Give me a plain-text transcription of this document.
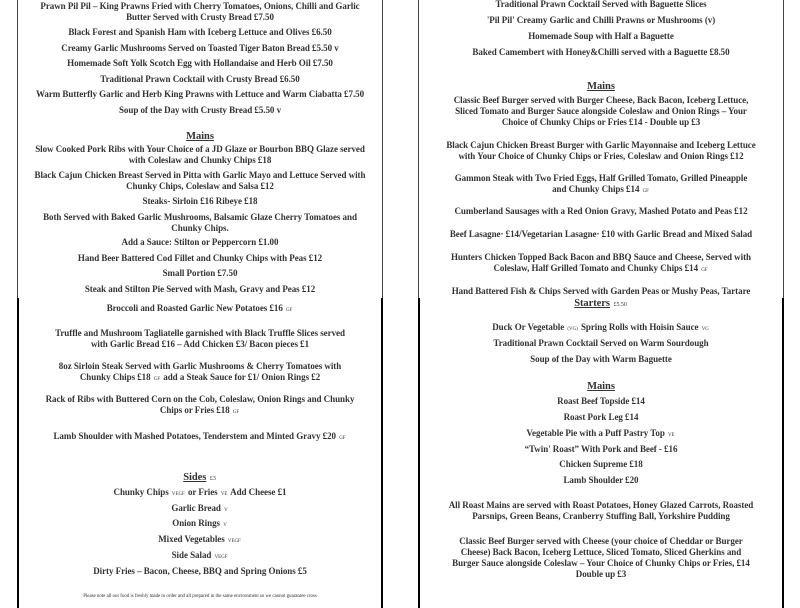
Prawn Pil Pil – King Prawns Fried with Cherry Tomatoes, Onions, Chilli and Garlic
Butter Served with Crusty Bread £7.50
Black Forest and Spanish Ham with Iceberg Lettuce and Olives £6.50
Creamy Garlic Mushrooms Served on Toasted Tiger Baton Bread £5.50 v
Homemade Soft Yolk Scotch Egg with Hollandaise and Herb Oil £7.50
Traditional Prawn Cocktail with Crusty Bread £6.50
Warm Butterfly Garlic and Herb King Prawns with Lettuce and Warm Ciabatta £7.50
Soup of the Day with Crusty Bread £5.50 v
Mains
Slow Cooked Pork Ribs with Your Choice of a JD Glaze or Bourbon BBQ Glaze served
with Coleslaw and Chunky Chips £18
Black Cajun Chicken Breast Served in Pitta with Garlic Mayo and Lettuce Served with
Chunky Chips, Coleslaw and Salsa £12
Steaks- Sirloin £16 Ribeye £18
Both Served with Baked Garlic Mushrooms, Balsamic Glaze Cherry Tomatoes and
Chunky Chips.
Add a Sauce: Stilton or Peppercorn £1.00
Hand Beer Battered Cod Fillet and Chunky Chips with Peas £12
Small Portion £7.50
Steak and Stilton Pie Served with Mash, Gravy and Peas £12
Broccoli and Roasted Garlic New Potatoes £16 GF
Truffle and Mushroom Tagliatelle garnished with Black Truffle Slices served
with Garlic Bread £16 – Add Chicken £3/ Bacon pieces £1
8oz Sirloin Steak Served with Garlic Mushrooms & Cherry Tomatoes with
Chunky Chips £18 GF add a Steak Sauce for £1/ Onion Rings £2
Rack of Ribs with Buttered Corn on the Cob, Coleslaw, Onion Rings and Chunky
Chips or Fries £18 GF
Lamb Shoulder with Mashed Potatoes, Tenderstem and Minted Gravy £20 GF
Sides £3
Chunky Chips VEGF or Fries VE Add Cheese £1
Garlic Bread V
Onion Rings V
Mixed Vegetables VEGF
Side Salad VEGF
Dirty Fries – Bacon, Cheese, BBQ and Spring Onions £5
Please note all our food is freshly made to order and all prepared in the same environment so we cannot guarantee cross
Traditional Prawn Cocktail Served with Baguette Slices
'Pil Pil' Creamy Garlic and Chilli Prawns or Mushrooms (v)
Homemade Soup with Half a Baguette
Baked Camembert with Honey&Chilli served with a Baguette £8.50
Mains
Classic Beef Burger served with Burger Cheese, Back Bacon, Iceberg Lettuce,
Sliced Tomato and Burger Sauce alongside Coleslaw and Onion Rings – Your
Choice of Chunky Chips or Fries £14 - Double up £3
Black Cajun Chicken Breast Burger with Garlic Mayonnaise and Iceberg Lettuce
with Your Choice of Chunky Chips or Fries, Coleslaw and Onion Rings £12
Gammon Steak with Two Fried Eggs, Half Grilled Tomato, Grilled Pineapple
and Chunky Chips £14 GF
Cumberland Sausages with a Red Onion Gravy, Mashed Potato and Peas £12
Beef Lasagne· £14/Vegetarian Lasagne· £10 with Garlic Bread and Mixed Salad
Hunters Chicken Topped Back Bacon and BBQ Sauce and Cheese, Served with
Coleslaw, Half Grilled Tomato and Chunky Chips £14 GF
Hand Battered Fish & Chips Served with Garden Peas or Mushy Peas, Tartare
Starters £5.50
Duck Or Vegetable (VG) Spring Rolls with Hoisin Sauce VG
Traditional Prawn Cocktail Served on Warm Sourdough
Soup of the Day with Warm Baguette
Mains
Roast Beef Topside £14
Roast Pork Leg £14
Vegetable Pie with a Puff Pastry Top VE
“Twin' Roast” With Pork and Beef - £16
Chicken Supreme £18
Lamb Shoulder £20
All Roast Mains are served with Roast Potatoes, Honey Glazed Carrots, Roasted
Parsnips, Green Beans, Cranberry Stuffing Ball, Yorkshire Pudding
Classic Beef Burger served with Cheese (your choice of Cheddar or Burger
Cheese) Back Bacon, Iceberg Lettuce, Sliced Tomato, Sliced Gherkins and
Burger Sauce alongside Coleslaw – Your Choice of Chunky Chips or Fries, £14
Double up £3
